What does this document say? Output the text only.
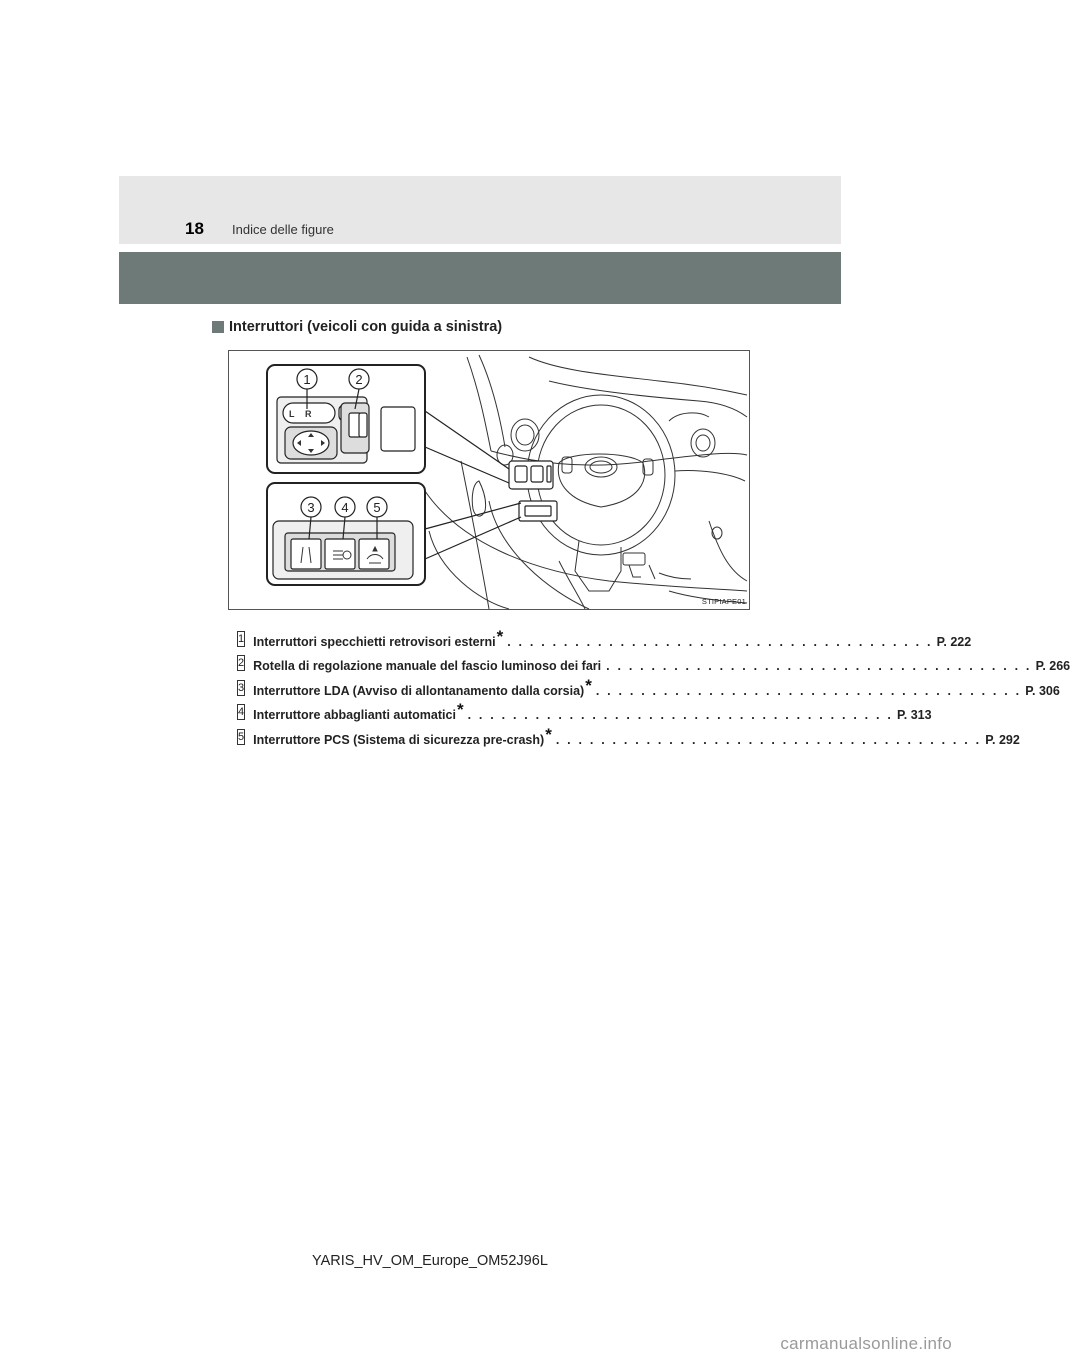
18 Indice delle figure
Interruttori (veicoli con guida a sinistra)
L R
1	2
3 4 5
STIPIAPE01
1 Interruttori specchietti retrovisori esterni * . . . . . . . . . . . . . . . . . . . . . . . . . . . . . . . . . . . . . . P. 222
2 Rotella di regolazione manuale del fascio luminoso dei fari . . . . . . . . . . . . . . . . . . . . . . . . . . . . . . . . . . . . . . P. 266
3 Interruttore LDA (Avviso di allontanamento dalla corsia) * . . . . . . . . . . . . . . . . . . . . . . . . . . . . . . . . . . . . . . P. 306
4 Interruttore abbaglianti automatici * . . . . . . . . . . . . . . . . . . . . . . . . . . . . . . . . . . . . . . P. 313
5 Interruttore PCS (Sistema di sicurezza pre-crash) * . . . . . . . . . . . . . . . . . . . . . . . . . . . . . . . . . . . . . . P. 292
YARIS_HV_OM_Europe_OM52J96L
carmanualsonline.info
